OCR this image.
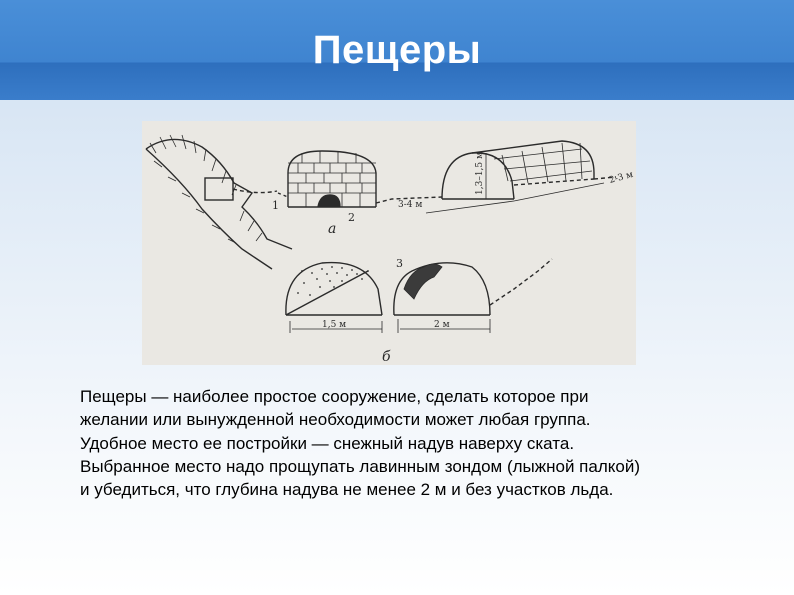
Пещеры
1
2
а
3
б
3-4 м
2-3 м
1,3–1,5 м
1,5 м	2 м
Пещеры — наиболее простое сооружение, сделать которое при
желании или вынужденной необходимости может любая группа.
Удобное место ее постройки — снежный надув наверху ската.
Выбранное место надо прощупать лавинным зондом (лыжной палкой)
и убедиться, что глубина надува не менее 2 м и без участков льда.
